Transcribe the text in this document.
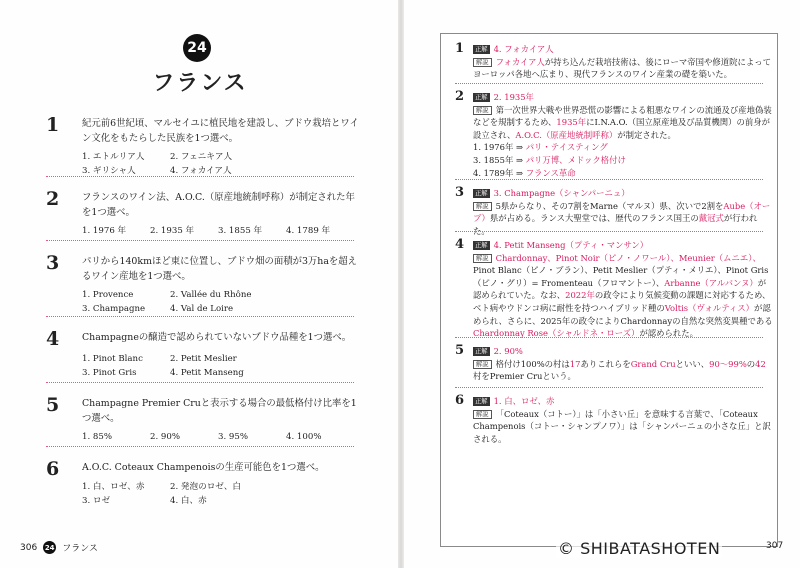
24
フランス
1 紀元前6世紀頃、マルセイユに植民地を建設し、ブドウ栽培とワイン文化をもたらした民族を1つ選べ。
1. エトルリア人	2. フェニキア人
3. ギリシャ人	4. フォカイア人
2 フランスのワイン法、A.O.C.（原産地統制呼称）が制定された年を1つ選べ。
1. 1976 年	2. 1935 年	3. 1855 年	4. 1789 年
3 パリから140kmほど東に位置し、ブドウ畑の面積が3万haを超えるワイン産地を1つ選べ。
1. Provence	2. Vallée du Rhône
3. Champagne	4. Val de Loire
4 Champagneの醸造で認められていないブドウ品種を1つ選べ。
1. Pinot Blanc	2. Petit Meslier
3. Pinot Gris	4. Petit Manseng
5 Champagne Premier Cruと表示する場合の最低格付け比率を1つ選べ。
1. 85%	2. 90%	3. 95%	4. 100%
6 A.O.C. Coteaux Champenoisの生産可能色を1つ選べ。
1. 白、ロゼ、赤	2. 発泡のロゼ、白
3. ロゼ	4. 白、赤
306 24 フランス
1	正解 4. フォカイア人
解説 フォカイア人が持ち込んだ栽培技術は、後にローマ帝国や修道院によってヨーロッパ各地へ広まり、現代フランスのワイン産業の礎を築いた。
2	正解 2. 1935年
解説 第一次世界大戦や世界恐慌の影響による粗悪なワインの流通及び産地偽装などを規制するため、1935年にI.N.A.O.（国立原産地及び品質機関）の前身が設立され、A.O.C.（原産地統制呼称）が制定された。
1. 1976年 ⇒ パリ・テイスティング
3. 1855年 ⇒ パリ万博、メドック格付け
4. 1789年 ⇒ フランス革命
3	正解 3. Champagne（シャンパーニュ）
解説 5県からなり、その7割をMarne（マルヌ）県、次いで2割をAube（オーブ）県が占める。ランス大聖堂では、歴代のフランス国王の戴冠式が行われた。
4	正解 4. Petit Manseng（プティ・マンサン）
解説 Chardonnay、Pinot Noir（ピノ・ノワール）、Meunier（ムニエ）、Pinot Blanc（ピノ・ブラン）、Petit Meslier（プティ・メリエ）、Pinot Gris（ピノ・グリ）= Fromenteau（フロマントー）、Arbanne（アルバンヌ）が認められていた。なお、2022年の政令により気候変動の課題に対応するため、ベト病やウドンコ病に耐性を持つハイブリッド種のVoltis（ヴォルティス）が認められ、さらに、2025年の政令によりChardonnayの自然な突然変異種であるChardonnay Rose（シャルドネ・ローズ）が認められた。
5	正解 2. 90%
解説 格付け100%の村は17ありこれらをGrand Cruといい、90〜99%の42村をPremier Cruという。
6	正解 1. 白、ロゼ、赤
解説 「Coteaux（コトー）」は「小さい丘」を意味する言葉で、「Coteaux Champenois（コトー・シャンプノワ）」は「シャンパーニュの小さな丘」と訳される。
© SHIBATASHOTEN	307
